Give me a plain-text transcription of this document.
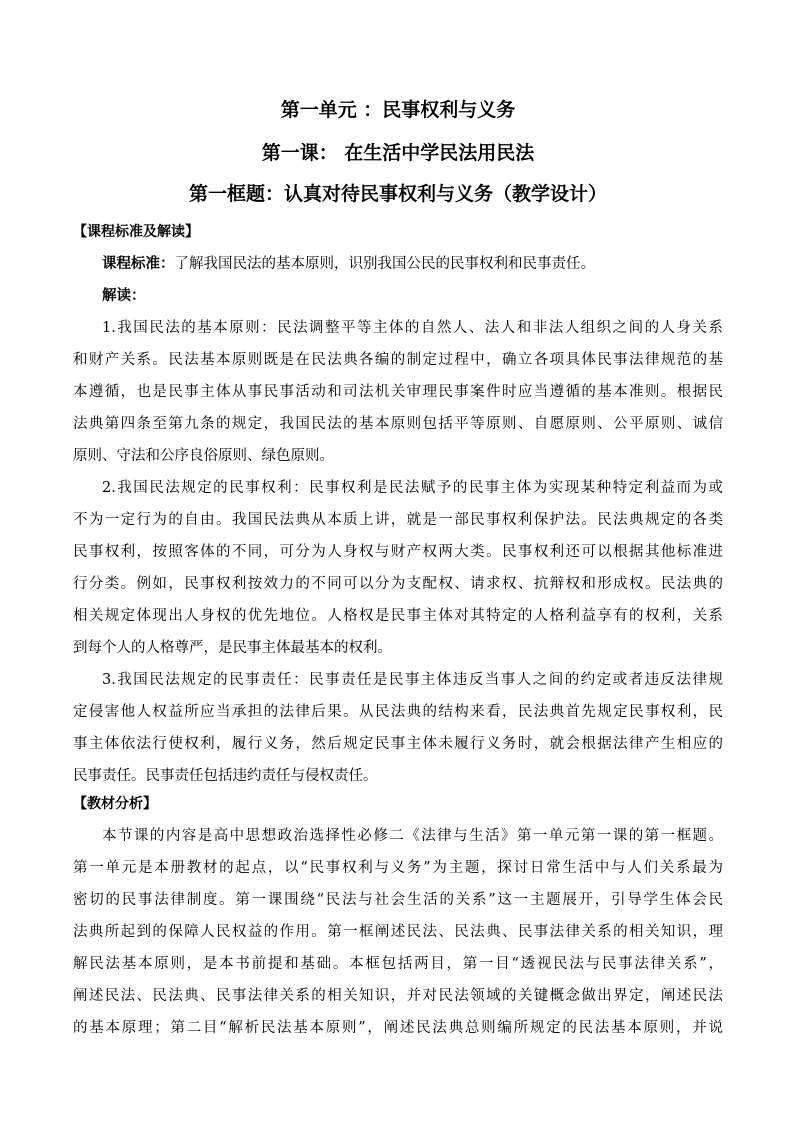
第一单元 ：民事权利与义务
第一课： 在生活中学民法用民法
第一框题：认真对待民事权利与义务（教学设计）
【课程标准及解读】
课程标准：了解我国民法的基本原则，识别我国公民的民事权利和民事责任。
解读：
1.我国民法的基本原则：民法调整平等主体的自然人、法人和非法人组织之间的人身关系
和财产关系。民法基本原则既是在民法典各编的制定过程中，确立各项具体民事法律规范的基
本遵循，也是民事主体从事民事活动和司法机关审理民事案件时应当遵循的基本准则。根据民
法典第四条至第九条的规定，我国民法的基本原则包括平等原则、自愿原则、公平原则、诚信
原则、守法和公序良俗原则、绿色原则。
2.我国民法规定的民事权利：民事权利是民法赋予的民事主体为实现某种特定利益而为或
不为一定行为的自由。我国民法典从本质上讲，就是一部民事权利保护法。民法典规定的各类
民事权利，按照客体的不同，可分为人身权与财产权两大类。民事权利还可以根据其他标准进
行分类。例如，民事权利按效力的不同可以分为支配权、请求权、抗辩权和形成权。民法典的
相关规定体现出人身权的优先地位。人格权是民事主体对其特定的人格利益享有的权利，关系
到每个人的人格尊严，是民事主体最基本的权利。
3.我国民法规定的民事责任：民事责任是民事主体违反当事人之间的约定或者违反法律规
定侵害他人权益所应当承担的法律后果。从民法典的结构来看，民法典首先规定民事权利，民
事主体依法行使权利，履行义务，然后规定民事主体未履行义务时，就会根据法律产生相应的
民事责任。民事责任包括违约责任与侵权责任。
【教材分析】
本节课的内容是高中思想政治选择性必修二《法律与生活》第一单元第一课的第一框题。
第一单元是本册教材的起点，以“民事权利与义务”为主题，探讨日常生活中与人们关系最为
密切的民事法律制度。第一课围绕“民法与社会生活的关系”这一主题展开，引导学生体会民
法典所起到的保障人民权益的作用。第一框阐述民法、民法典、民事法律关系的相关知识，理
解民法基本原则，是本书前提和基础。本框包括两目，第一目“透视民法与民事法律关系”，
阐述民法、民法典、民事法律关系的相关知识，并对民法领域的关键概念做出界定，阐述民法
的基本原理；第二目“解析民法基本原则”，阐述民法典总则编所规定的民法基本原则，并说
